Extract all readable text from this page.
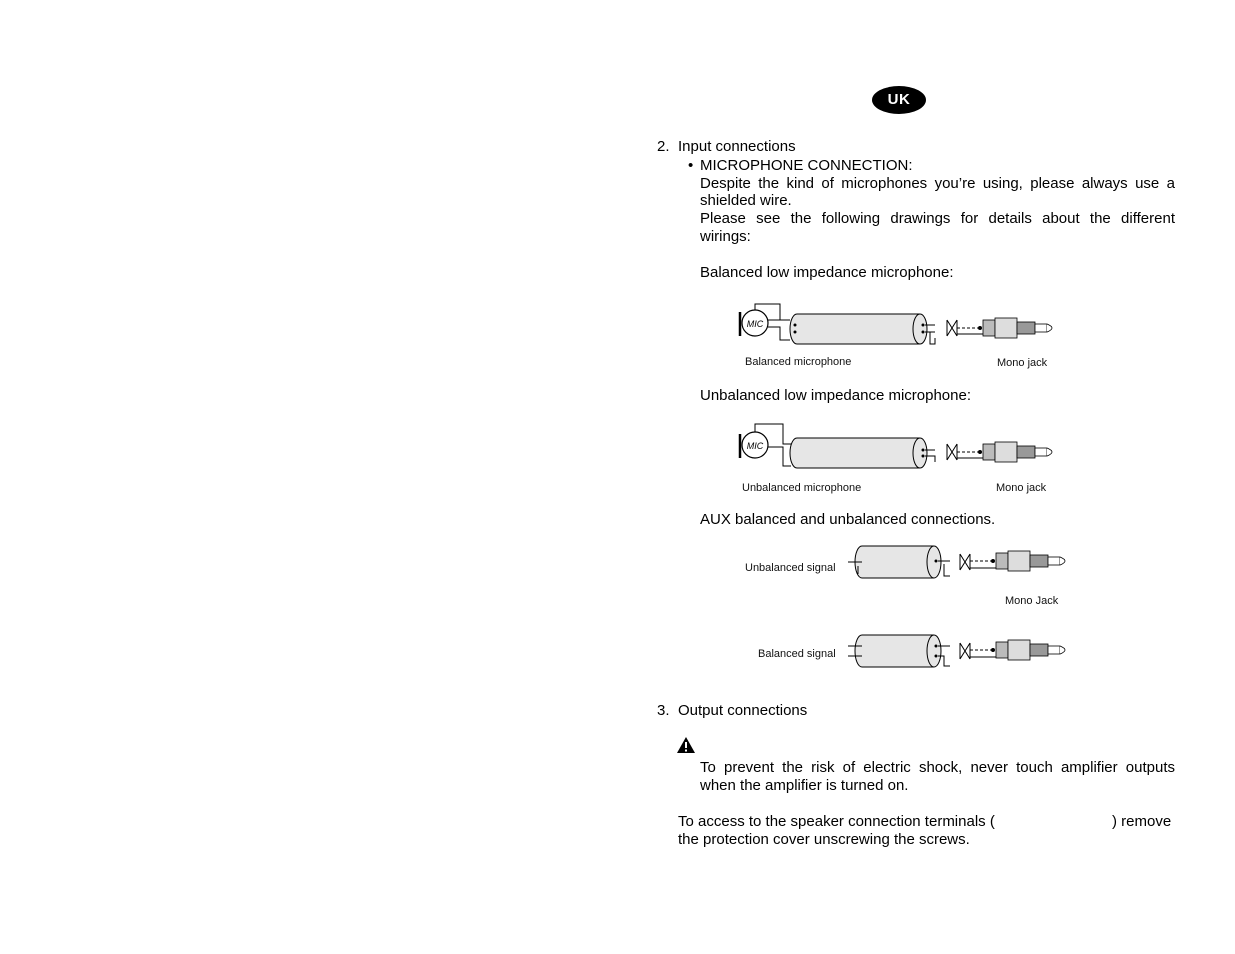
UK
2. Input connections
• MICROPHONE CONNECTION:
Despite the kind of microphones you’re using, please always use a
shielded wire.
Please see the following drawings for details about the different
wirings:
Balanced low impedance microphone:
MIC
Balanced microphone	Mono jack
Unbalanced low impedance microphone:
MIC
Unbalanced microphone	Mono jack
AUX balanced and unbalanced connections.
Unbalanced signal
Mono Jack
Balanced signal
3. Output connections
To prevent the risk of electric shock, never touch amplifier outputs
when the amplifier is turned on.
To access to the speaker connection terminals (	) remove
the protection cover unscrewing the screws.
